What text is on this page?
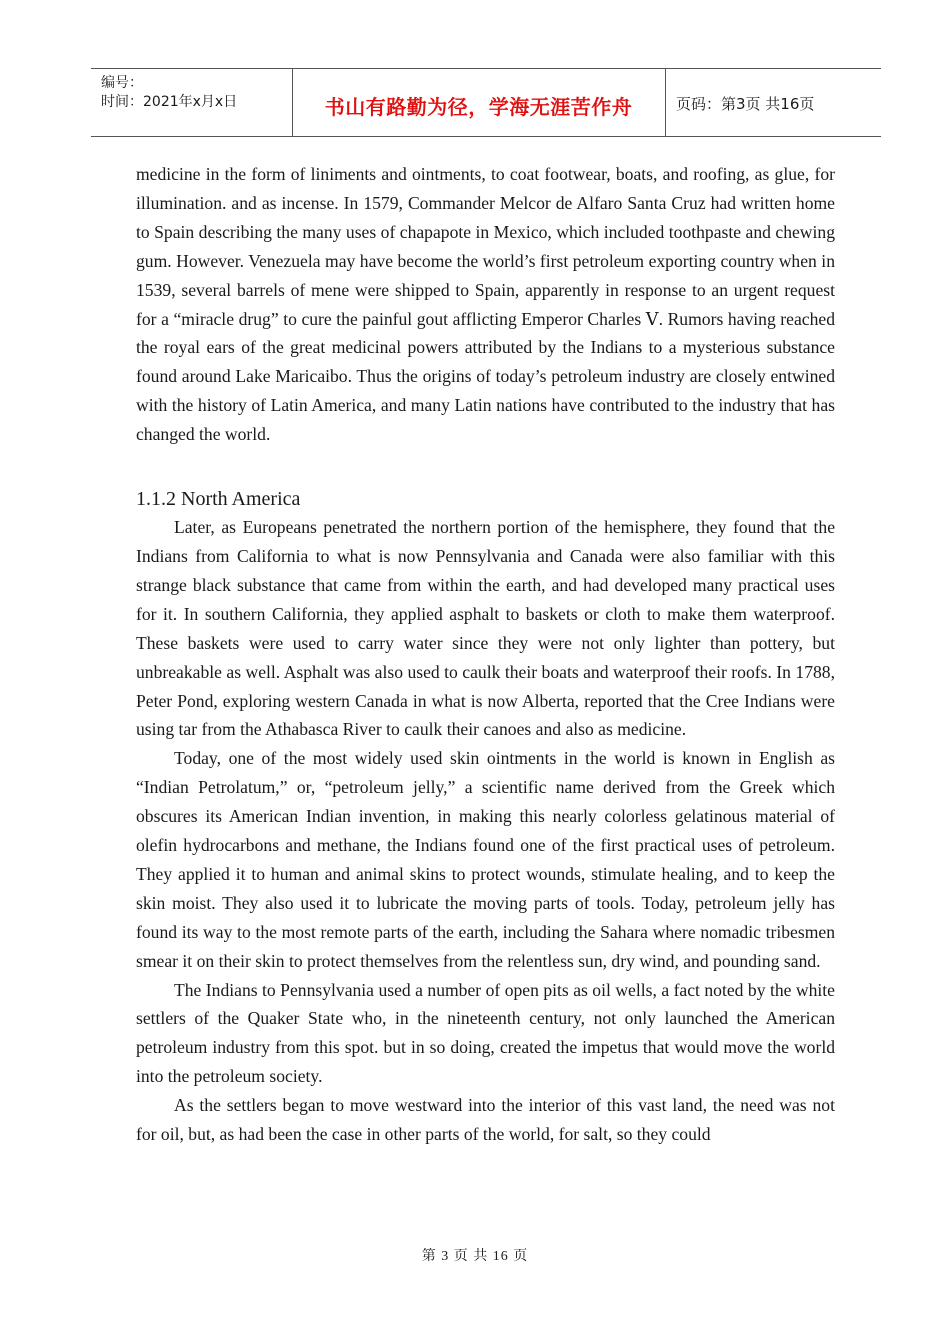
编号：
时间：2021年x月x日	书山有路勤为径，学海无涯苦作舟	页码：第3页 共16页

medicine in the form of liniments and ointments, to coat footwear, boats, and roofing, as glue, for illumination. and as incense. In 1579, Commander Melcor de Alfaro Santa Cruz had written home to Spain describing the many uses of chapapote in Mexico, which included toothpaste and chewing gum. However. Venezuela may have become the world’s first petroleum exporting country when in 1539, several barrels of mene were shipped to Spain, apparently in response to an urgent request for a “miracle drug” to cure the painful gout afflicting Emperor Charles Ⅴ. Rumors having reached the royal ears of the great medicinal powers attributed by the Indians to a mysterious substance found around Lake Maricaibo. Thus the origins of today’s petroleum industry are closely entwined with the history of Latin America, and many Latin nations have contributed to the industry that has changed the world.

1.1.2 North America

Later, as Europeans penetrated the northern portion of the hemisphere, they found that the Indians from California to what is now Pennsylvania and Canada were also familiar with this strange black substance that came from within the earth, and had developed many practical uses for it. In southern California, they applied asphalt to baskets or cloth to make them waterproof. These baskets were used to carry water since they were not only lighter than pottery, but unbreakable as well. Asphalt was also used to caulk their boats and waterproof their roofs. In 1788, Peter Pond, exploring western Canada in what is now Alberta, reported that the Cree Indians were using tar from the Athabasca River to caulk their canoes and also as medicine.

Today, one of the most widely used skin ointments in the world is known in English as “Indian Petrolatum,” or, “petroleum jelly,” a scientific name derived from the Greek which obscures its American Indian invention, in making this nearly colorless gelatinous material of olefin hydrocarbons and methane, the Indians found one of the first practical uses of petroleum. They applied it to human and animal skins to protect wounds, stimulate healing, and to keep the skin moist. They also used it to lubricate the moving parts of tools. Today, petroleum jelly has found its way to the most remote parts of the earth, including the Sahara where nomadic tribesmen smear it on their skin to protect themselves from the relentless sun, dry wind, and pounding sand.

The Indians to Pennsylvania used a number of open pits as oil wells, a fact noted by the white settlers of the Quaker State who, in the nineteenth century, not only launched the American petroleum industry from this spot. but in so doing, created the impetus that would move the world into the petroleum society.

As the settlers began to move westward into the interior of this vast land, the need was not for oil, but, as had been the case in other parts of the world, for salt, so they could

第 3 页 共 16 页
